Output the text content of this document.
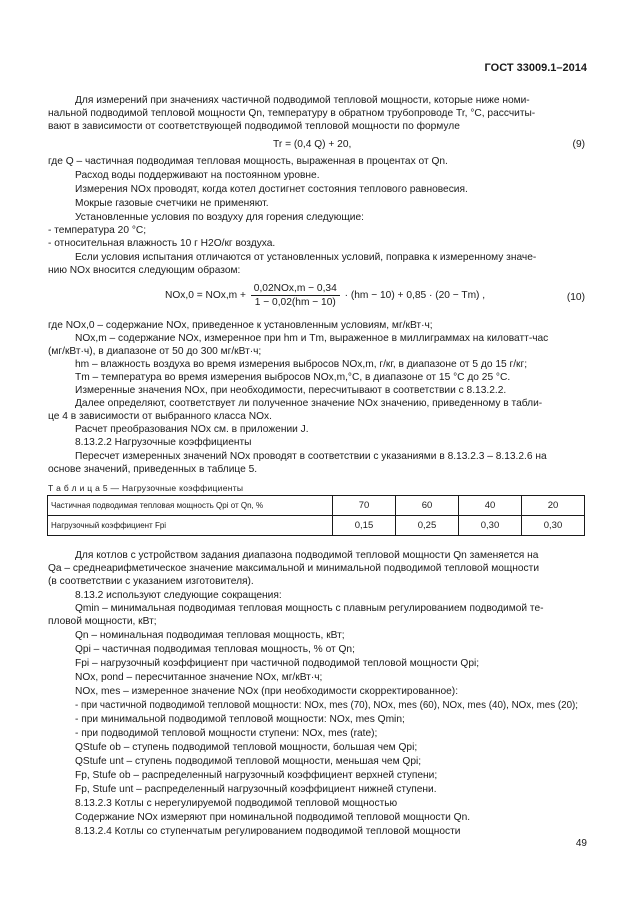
ГОСТ 33009.1–2014
Для измерений при значениях частичной подводимой тепловой мощности, которые ниже номи-
нальной подводимой тепловой мощности Qn, температуру в обратном трубопроводе Tr, °C, рассчиты-
вают в зависимости от соответствующей подводимой тепловой мощности по формуле
Tr = (0,4 Q) + 20,	(9)
где Q – частичная подводимая тепловая мощность, выраженная в процентах от Qn.
Расход воды поддерживают на постоянном уровне.
Измерения NOx проводят, когда котел достигнет состояния теплового равновесия.
Мокрые газовые счетчики не применяют.
Установленные условия по воздуху для горения следующие:
- температура 20 °C;
- относительная влажность 10 г H2O/кг воздуха.
Если условия испытания отличаются от установленных условий, поправка к измеренному значе-
нию NOx вносится следующим образом:
$NOx,0 = NOx,m + \frac{\text{0,02NOx,m − 0,34}}{1 - 0,02(hm - 10)} \cdot (hm - 10) + 0,85 \cdot (20 - Tm)$ ,	(10)
где NOx,0 – содержание NOx, приведенное к установленным условиям, мг/кВт·ч;
NOx,m – содержание NOx, измеренное при hm и Tm, выраженное в миллиграммах на киловатт-час
(мг/кВт·ч), в диапазоне от 50 до 300 мг/кВт·ч;
hm – влажность воздуха во время измерения выбросов NOx,m, г/кг, в диапазоне от 5 до 15 г/кг;
Tm – температура во время измерения выбросов NOx,m,°C, в диапазоне от 15 °C до 25 °C.
Измеренные значения NOx, при необходимости, пересчитывают в соответствии с 8.13.2.2.
Далее определяют, соответствует ли полученное значение NOx значению, приведенному в табли-
це 4 в зависимости от выбранного класса NOx.
Расчет преобразования NOx см. в приложении J.
8.13.2.2 Нагрузочные коэффициенты
Пересчет измеренных значений NOx проводят в соответствии с указаниями в 8.13.2.3 – 8.13.2.6 на
основе значений, приведенных в таблице 5.
Т а б л и ц а 5 — Нагрузочные коэффициенты
Частичная подводимая тепловая мощность Qpi от Qn, %	70	60	40	20
Нагрузочный коэффициент Fpi	0,15	0,25	0,30	0,30
Для котлов с устройством задания диапазона подводимой тепловой мощности Qn заменяется на
Qa – среднеарифметическое значение максимальной и минимальной подводимой тепловой мощности
(в соответствии с указанием изготовителя).
8.13.2 используют следующие сокращения:
Qmin – минимальная подводимая тепловая мощность с плавным регулированием подводимой те-
пловой мощности, кВт;
Qn – номинальная подводимая тепловая мощность, кВт;
Qpi – частичная подводимая тепловая мощность, % от Qn;
Fpi – нагрузочный коэффициент при частичной подводимой тепловой мощности Qpi;
NOx, pond – пересчитанное значение NOx, мг/кВт·ч;
NOx, mes – измеренное значение NOx (при необходимости скорректированное):
- при частичной подводимой тепловой мощности: NOx, mes (70), NOx, mes (60), NOx, mes (40), NOx, mes (20);
- при минимальной подводимой тепловой мощности: NOx, mes Qmin;
- при подводимой тепловой мощности ступени: NOx, mes (rate);
QStufe ob – ступень подводимой тепловой мощности, большая чем Qpi;
QStufe unt – ступень подводимой тепловой мощности, меньшая чем Qpi;
Fp, Stufe ob – распределенный нагрузочный коэффициент верхней ступени;
Fp, Stufe unt – распределенный нагрузочный коэффициент нижней ступени.
8.13.2.3 Котлы с нерегулируемой подводимой тепловой мощностью
Содержание NOx измеряют при номинальной подводимой тепловой мощности Qn.
8.13.2.4 Котлы со ступенчатым регулированием подводимой тепловой мощности
49
